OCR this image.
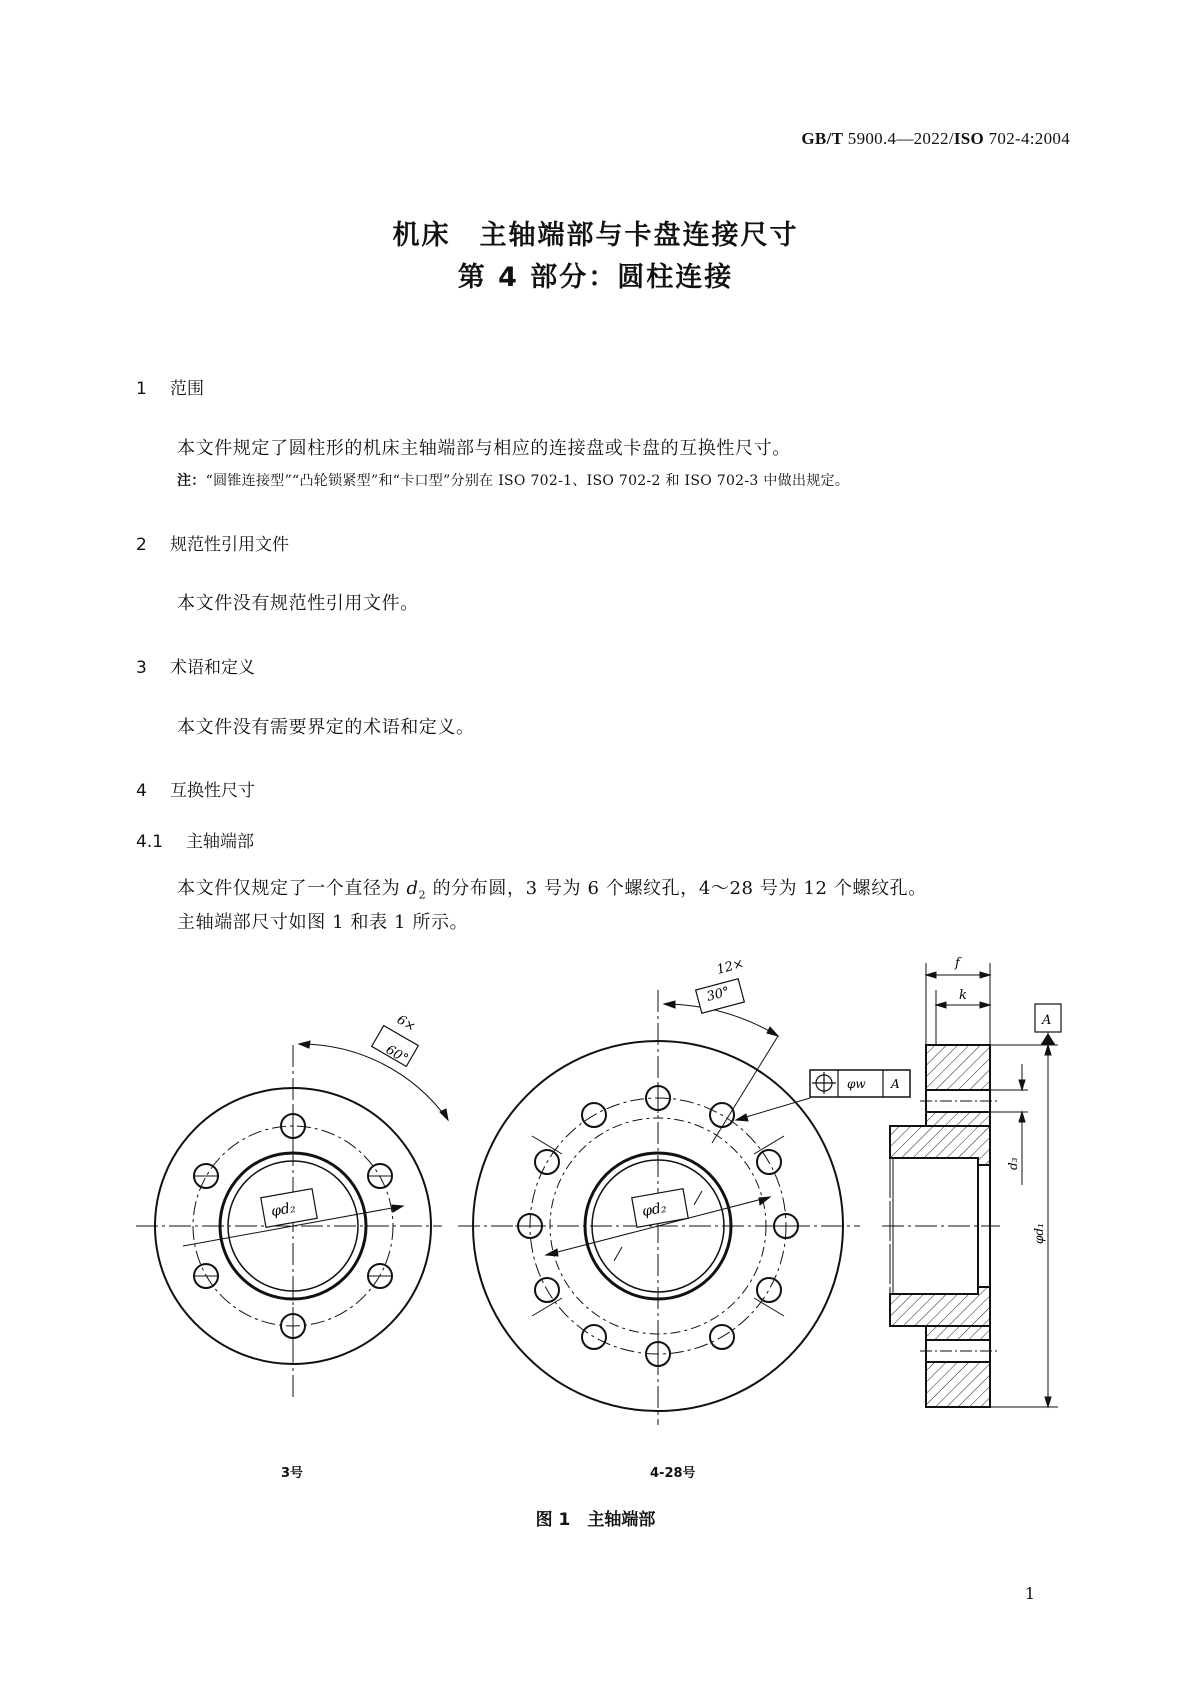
GB/T 5900.4—2022/ISO 702-4:2004
机床　主轴端部与卡盘连接尺寸
第 4 部分：圆柱连接
1 范围
本文件规定了圆柱形的机床主轴端部与相应的连接盘或卡盘的互换性尺寸。
注：“圆锥连接型”“凸轮锁紧型”和“卡口型”分别在 ISO 702-1、ISO 702-2 和 ISO 702-3 中做出规定。
2 规范性引用文件
本文件没有规范性引用文件。
3 术语和定义
本文件没有需要界定的术语和定义。
4 互换性尺寸
4.1 主轴端部
本文件仅规定了一个直径为 $d_2$ 的分布圆，3 号为 6 个螺纹孔，4～28 号为 12 个螺纹孔。
主轴端部尺寸如图 1 和表 1 所示。
6×
60°
φd₂
12×
30°
φd₂
φw A
f
k
A
d₃
φd₁
3号	4-28号
图 1　主轴端部
1
